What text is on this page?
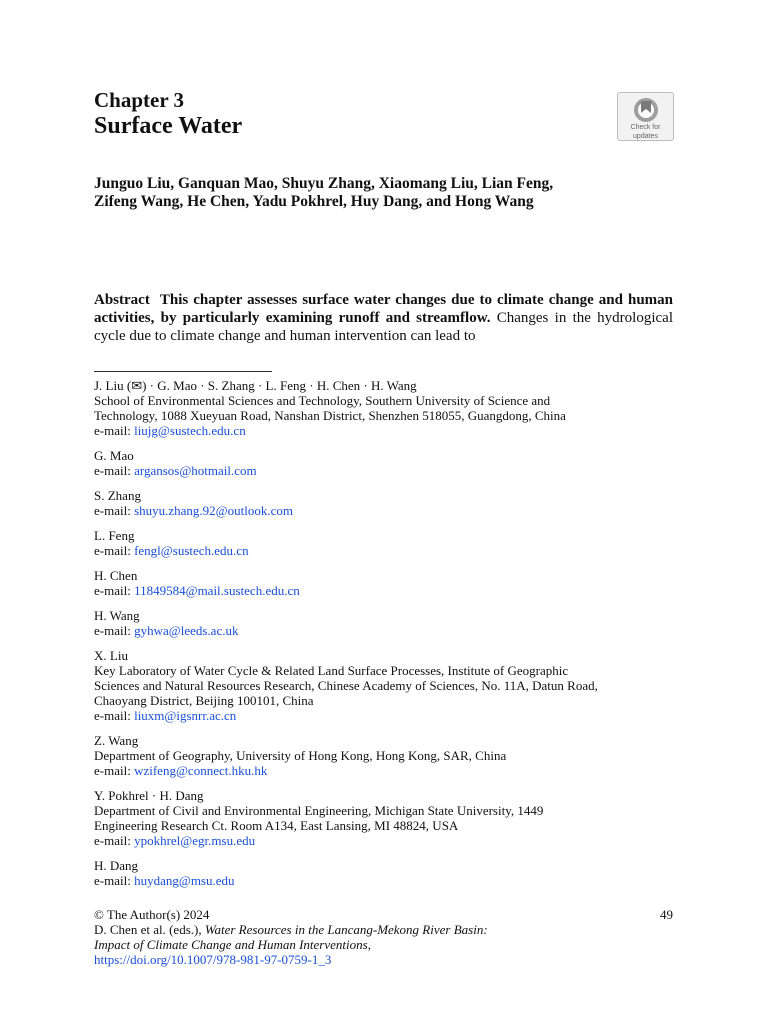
Chapter 3
Surface Water	Check for
updates
Junguo Liu, Ganquan Mao, Shuyu Zhang, Xiaomang Liu, Lian Feng,
Zifeng Wang, He Chen, Yadu Pokhrel, Huy Dang, and Hong Wang
Abstract This chapter assesses surface water changes due to climate change and human activities, by particularly examining runoff and streamflow. Changes in the hydrological cycle due to climate change and human intervention can lead to
J. Liu (✉) · G. Mao · S. Zhang · L. Feng · H. Chen · H. Wang
School of Environmental Sciences and Technology, Southern University of Science and
Technology, 1088 Xueyuan Road, Nanshan District, Shenzhen 518055, Guangdong, China
e-mail: liujg@sustech.edu.cn
G. Mao
e-mail: argansos@hotmail.com
S. Zhang
e-mail: shuyu.zhang.92@outlook.com
L. Feng
e-mail: fengl@sustech.edu.cn
H. Chen
e-mail: 11849584@mail.sustech.edu.cn
H. Wang
e-mail: gyhwa@leeds.ac.uk
X. Liu
Key Laboratory of Water Cycle & Related Land Surface Processes, Institute of Geographic
Sciences and Natural Resources Research, Chinese Academy of Sciences, No. 11A, Datun Road,
Chaoyang District, Beijing 100101, China
e-mail: liuxm@igsnrr.ac.cn
Z. Wang
Department of Geography, University of Hong Kong, Hong Kong, SAR, China
e-mail: wzifeng@connect.hku.hk
Y. Pokhrel · H. Dang
Department of Civil and Environmental Engineering, Michigan State University, 1449
Engineering Research Ct. Room A134, East Lansing, MI 48824, USA
e-mail: ypokhrel@egr.msu.edu
H. Dang
e-mail: huydang@msu.edu
© The Author(s) 2024	49
D. Chen et al. (eds.), Water Resources in the Lancang-Mekong River Basin:
Impact of Climate Change and Human Interventions,
https://doi.org/10.1007/978-981-97-0759-1_3
